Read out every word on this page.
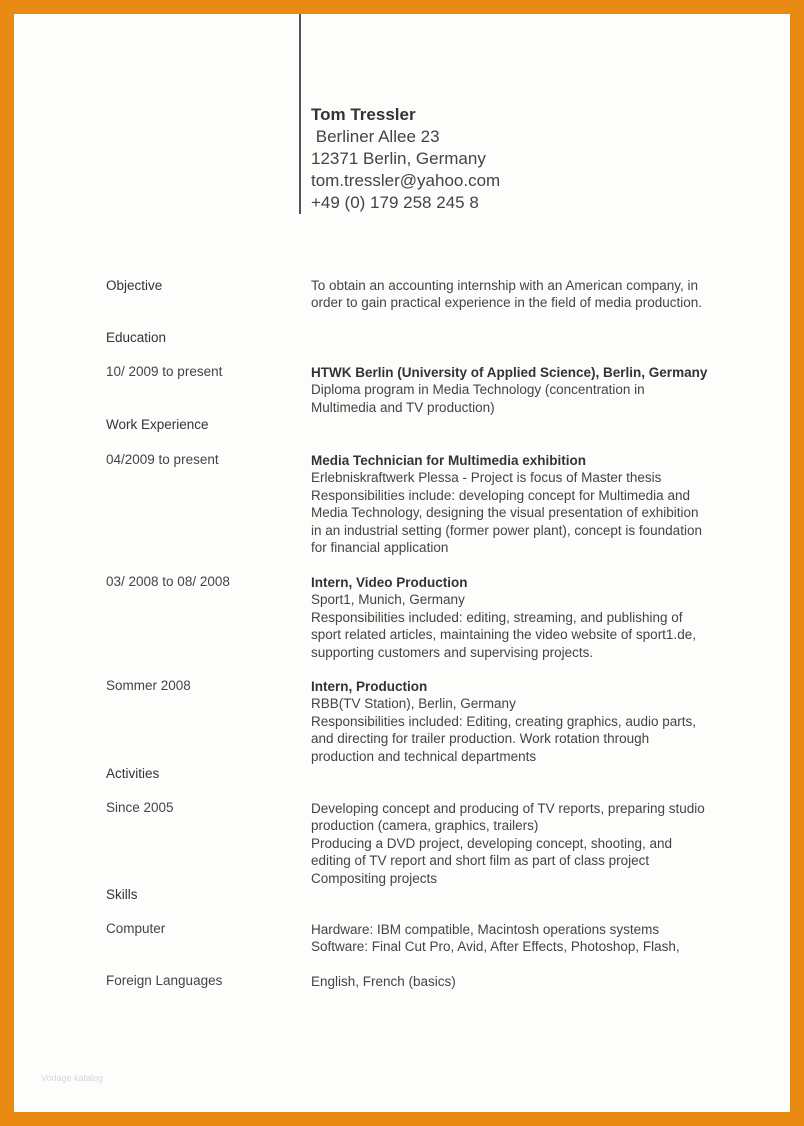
Tom Tressler
Berliner Allee 23
12371 Berlin, Germany
tom.tressler@yahoo.com
+49 (0) 179 258 245 8
Objective	To obtain an accounting internship with an American company, in order to gain practical experience in the field of media production.
Education
10/ 2009 to present	HTWK Berlin (University of Applied Science), Berlin, Germany
Diploma program in Media Technology (concentration in
Multimedia and TV production)
Work Experience
04/2009 to present	Media Technician for Multimedia exhibition
Erlebniskraftwerk Plessa - Project is focus of Master thesis
Responsibilities include: developing concept for Multimedia and
Media Technology, designing the visual presentation of exhibition
in an industrial setting (former power plant), concept is foundation
for financial application
03/ 2008 to 08/ 2008	Intern, Video Production
Sport1, Munich, Germany
Responsibilities included: editing, streaming, and publishing of
sport related articles, maintaining the video website of sport1.de,
supporting customers and supervising projects.
Sommer 2008	Intern, Production
RBB(TV Station), Berlin, Germany
Responsibilities included: Editing, creating graphics, audio parts,
and directing for trailer production. Work rotation through
production and technical departments
Activities
Since 2005	Developing concept and producing of TV reports, preparing studio
production (camera, graphics, trailers)
Producing a DVD project, developing concept, shooting, and
editing of TV report and short film as part of class project
Compositing projects
Skills
Computer	Hardware: IBM compatible, Macintosh operations systems
Software: Final Cut Pro, Avid, After Effects, Photoshop, Flash,
Foreign Languages	English, French (basics)
Vorlage katalog
